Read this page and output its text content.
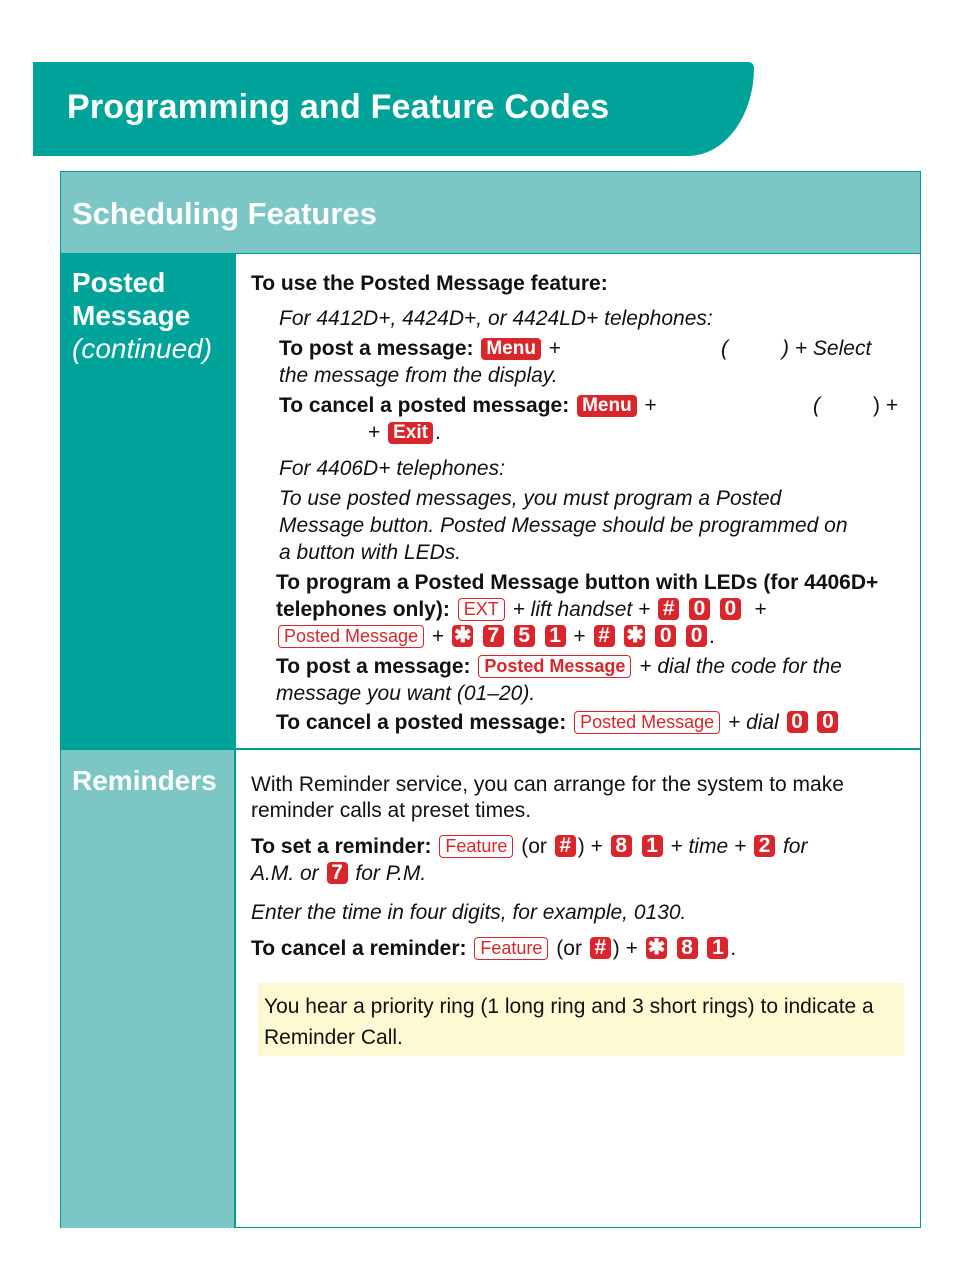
Programming and Feature Codes
Scheduling Features

Posted
Message
(continued)

Reminders

To use the Posted Message feature:
For 4412D+, 4424D+, or 4424LD+ telephones:
To post a message: Menu +	(	) + Select
the message from the display.
To cancel a posted message: Menu +	(	) +
+ Exit .
For 4406D+ telephones:
To use posted messages, you must program a Posted
Message button. Posted Message should be programmed on
a button with LEDs.
To program a Posted Message button with LEDs (for 4406D+
telephones only): EXT + lift handset + # 0 0 +
Posted Message + ✱ 7 5 1 + # ✱ 0 0 .
To post a message: Posted Message + dial the code for the
message you want (01–20).
To cancel a posted message: Posted Message + dial 0 0
With Reminder service, you can arrange for the system to make
reminder calls at preset times.
To set a reminder: Feature (or # ) + 8 1 + time + 2 for
A.M. or 7 for P.M.
Enter the time in four digits, for example, 0130.
To cancel a reminder: Feature (or # ) + ✱ 8 1 .

You hear a priority ring (1 long ring and 3 short rings) to indicate a Reminder Call.
